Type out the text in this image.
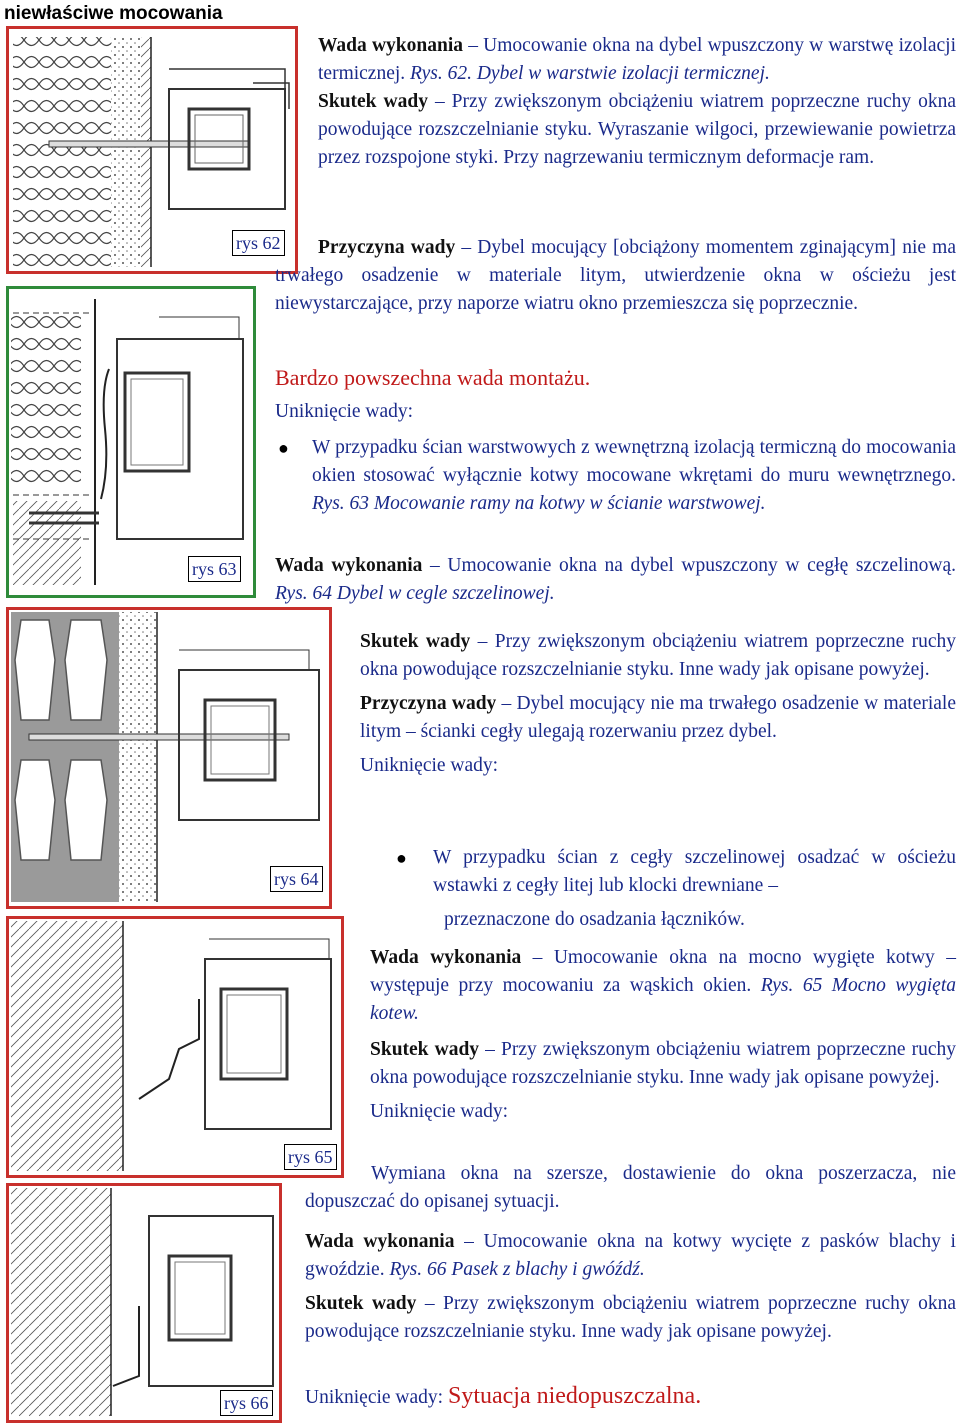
niewłaściwe mocowania
rys 62
rys 63
rys 64
rys 65
rys 66

Wada wykonania – Umocowanie okna na dybel wpuszczony w warstwę izolacji termicznej. Rys. 62. Dybel w warstwie izolacji termicznej.

Skutek wady – Przy zwiększonym obciążeniu wiatrem poprzeczne ruchy okna powodujące rozszczelnianie styku. Wyraszanie wilgoci, przewiewanie powietrza przez rozspojone styki. Przy nagrzewaniu termicznym deformacje ram.

Przyczyna wady – Dybel mocujący [obciążony momentem zginającym] nie ma trwałego osadzenie w materiale litym, utwierdzenie okna w ościeżu jest niewystarczające, przy naporze wiatru okno przemieszcza się poprzecznie.

Bardzo powszechna wada montażu.
Uniknięcie wady:
● W przypadku ścian warstwowych z wewnętrzną izolacją termiczną do mocowania okien stosować wyłącznie kotwy mocowane wkrętami do muru wewnętrznego. Rys. 63 Mocowanie ramy na kotwy w ścianie warstwowej.
Wada wykonania – Umocowanie okna na dybel wpuszczony w cegłę szczelinową. Rys. 64 Dybel w cegle szczelinowej.

Skutek wady – Przy zwiększonym obciążeniu wiatrem poprzeczne ruchy okna powodujące rozszczelnianie styku. Inne wady jak opisane powyżej.

Przyczyna wady – Dybel mocujący nie ma trwałego osadzenie w materiale litym – ścianki cegły ulegają rozerwaniu przez dybel.

Uniknięcie wady:

● W przypadku ścian z cegły szczelinowej osadzać w ościeżu wstawki z cegły litej lub klocki drewniane –
przeznaczone do osadzania łączników.

Wada wykonania – Umocowanie okna na mocno wygięte kotwy – występuje przy mocowaniu za wąskich okien. Rys. 65 Mocno wygięta kotew.

Skutek wady – Przy zwiększonym obciążeniu wiatrem poprzeczne ruchy okna powodujące rozszczelnianie styku. Inne wady jak opisane powyżej.

Uniknięcie wady:

Wymiana okna na szersze, dostawienie do okna poszerzacza, nie dopuszczać do opisanej sytuacji.

Wada wykonania – Umocowanie okna na kotwy wycięte z pasków blachy i gwoździe. Rys. 66 Pasek z blachy i gwóźdź.

Skutek wady – Przy zwiększonym obciążeniu wiatrem poprzeczne ruchy okna powodujące rozszczelnianie styku. Inne wady jak opisane powyżej.

Uniknięcie wady: Sytuacja niedopuszczalna.
